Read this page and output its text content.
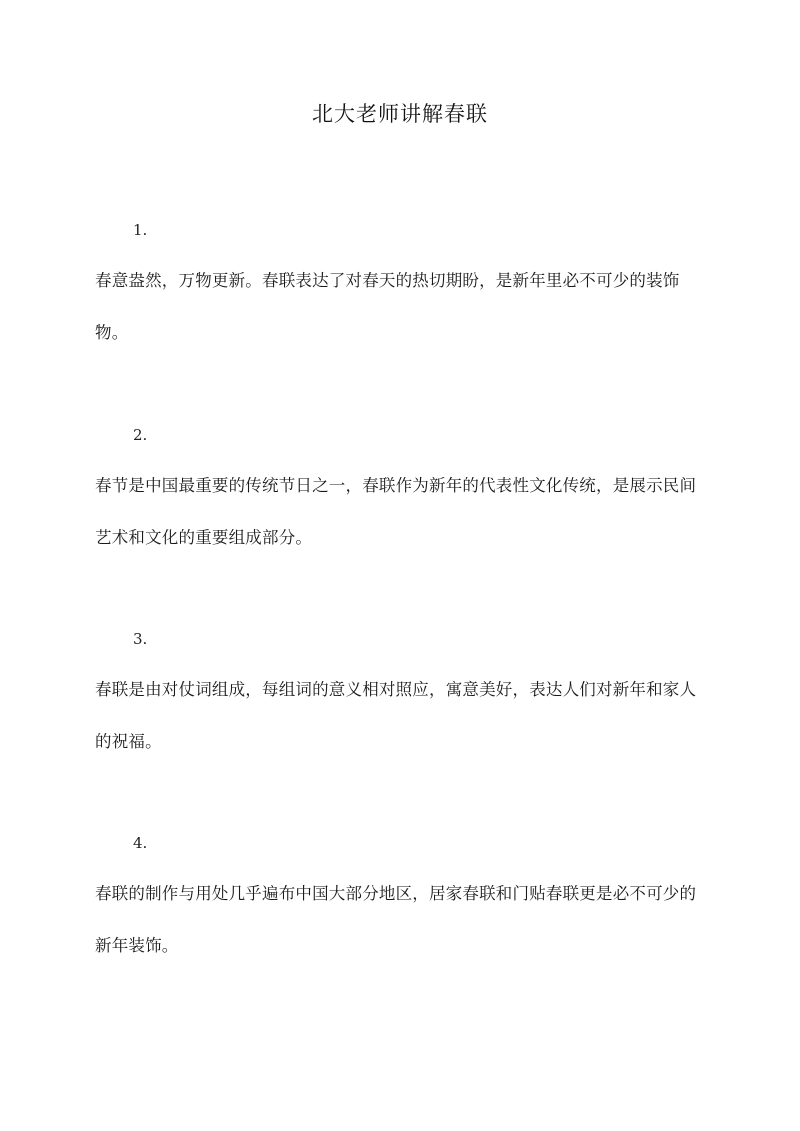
北大老师讲解春联
1.
春意盎然，万物更新。春联表达了对春天的热切期盼，是新年里必不可少的装饰物。
2.
春节是中国最重要的传统节日之一，春联作为新年的代表性文化传统，是展示民间艺术和文化的重要组成部分。
3.
春联是由对仗词组成，每组词的意义相对照应，寓意美好，表达人们对新年和家人的祝福。
4.
春联的制作与用处几乎遍布中国大部分地区，居家春联和门贴春联更是必不可少的新年装饰。
